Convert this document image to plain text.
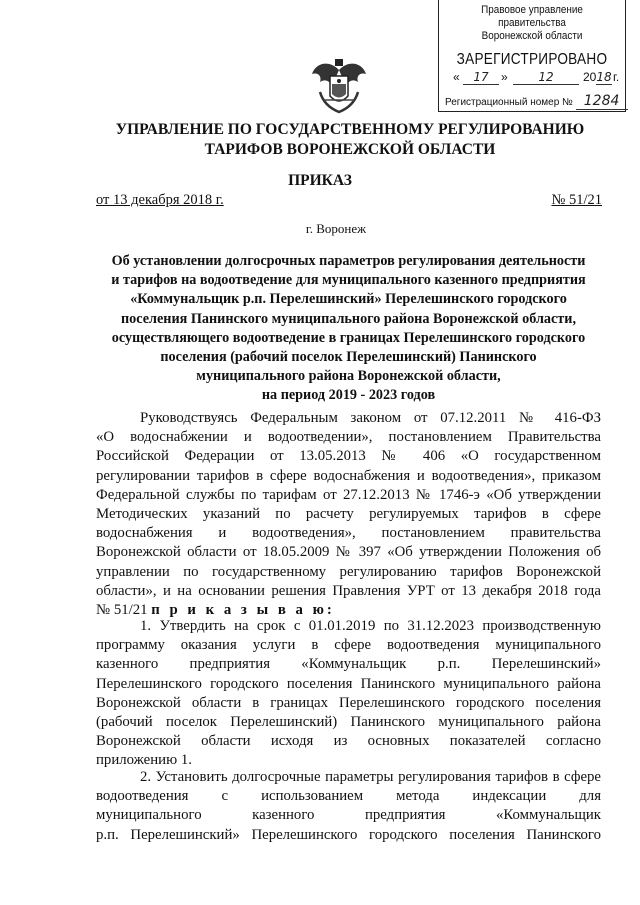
Правовое управление правительства
Воронежской области
ЗАРЕГИСТРИРОВАНО
«	17	»	12	20 18 г.
Регистрационный номер № 1284
УПРАВЛЕНИЕ ПО ГОСУДАРСТВЕННОМУ РЕГУЛИРОВАНИЮ
ТАРИФОВ ВОРОНЕЖСКОЙ ОБЛАСТИ
ПРИКАЗ
от 13 декабря 2018 г.	№ 51/21
г. Воронеж
Об установлении долгосрочных параметров регулирования деятельности
и тарифов на водоотведение для муниципального казенного предприятия
«Коммунальщик р.п. Перелешинский» Перелешинского городского
поселения Панинского муниципального района Воронежской области,
осуществляющего водоотведение в границах Перелешинского городского
поселения (рабочий поселок Перелешинский) Панинского
муниципального района Воронежской области,
на период 2019 - 2023 годов
Руководствуясь Федеральным законом от 07.12.2011 № 416-ФЗ
«О водоснабжении и водоотведении», постановлением Правительства
Российской Федерации от 13.05.2013 № 406 «О государственном
регулировании тарифов в сфере водоснабжения и водоотведения», приказом
Федеральной службы по тарифам от 27.12.2013 № 1746-э «Об утверждении
Методических указаний по расчету регулируемых тарифов в сфере
водоснабжения и водоотведения», постановлением правительства
Воронежской области от 18.05.2009 № 397 «Об утверждении Положения об
управлении по государственному регулированию тарифов Воронежской
области», и на основании решения Правления УРТ от 13 декабря 2018 года
№ 51/21 п р и к а з ы в а ю:
1. Утвердить на срок с 01.01.2019 по 31.12.2023 производственную
программу оказания услуги в сфере водоотведения муниципального
казенного предприятия «Коммунальщик р.п. Перелешинский»
Перелешинского городского поселения Панинского муниципального района
Воронежской области в границах Перелешинского городского поселения
(рабочий поселок Перелешинский) Панинского муниципального района
Воронежской области исходя из основных показателей согласно
приложению 1.
2. Установить долгосрочные параметры регулирования тарифов в сфере
водоотведения с использованием метода индексации для
муниципального казенного предприятия «Коммунальщик
р.п. Перелешинский» Перелешинского городского поселения Панинского
